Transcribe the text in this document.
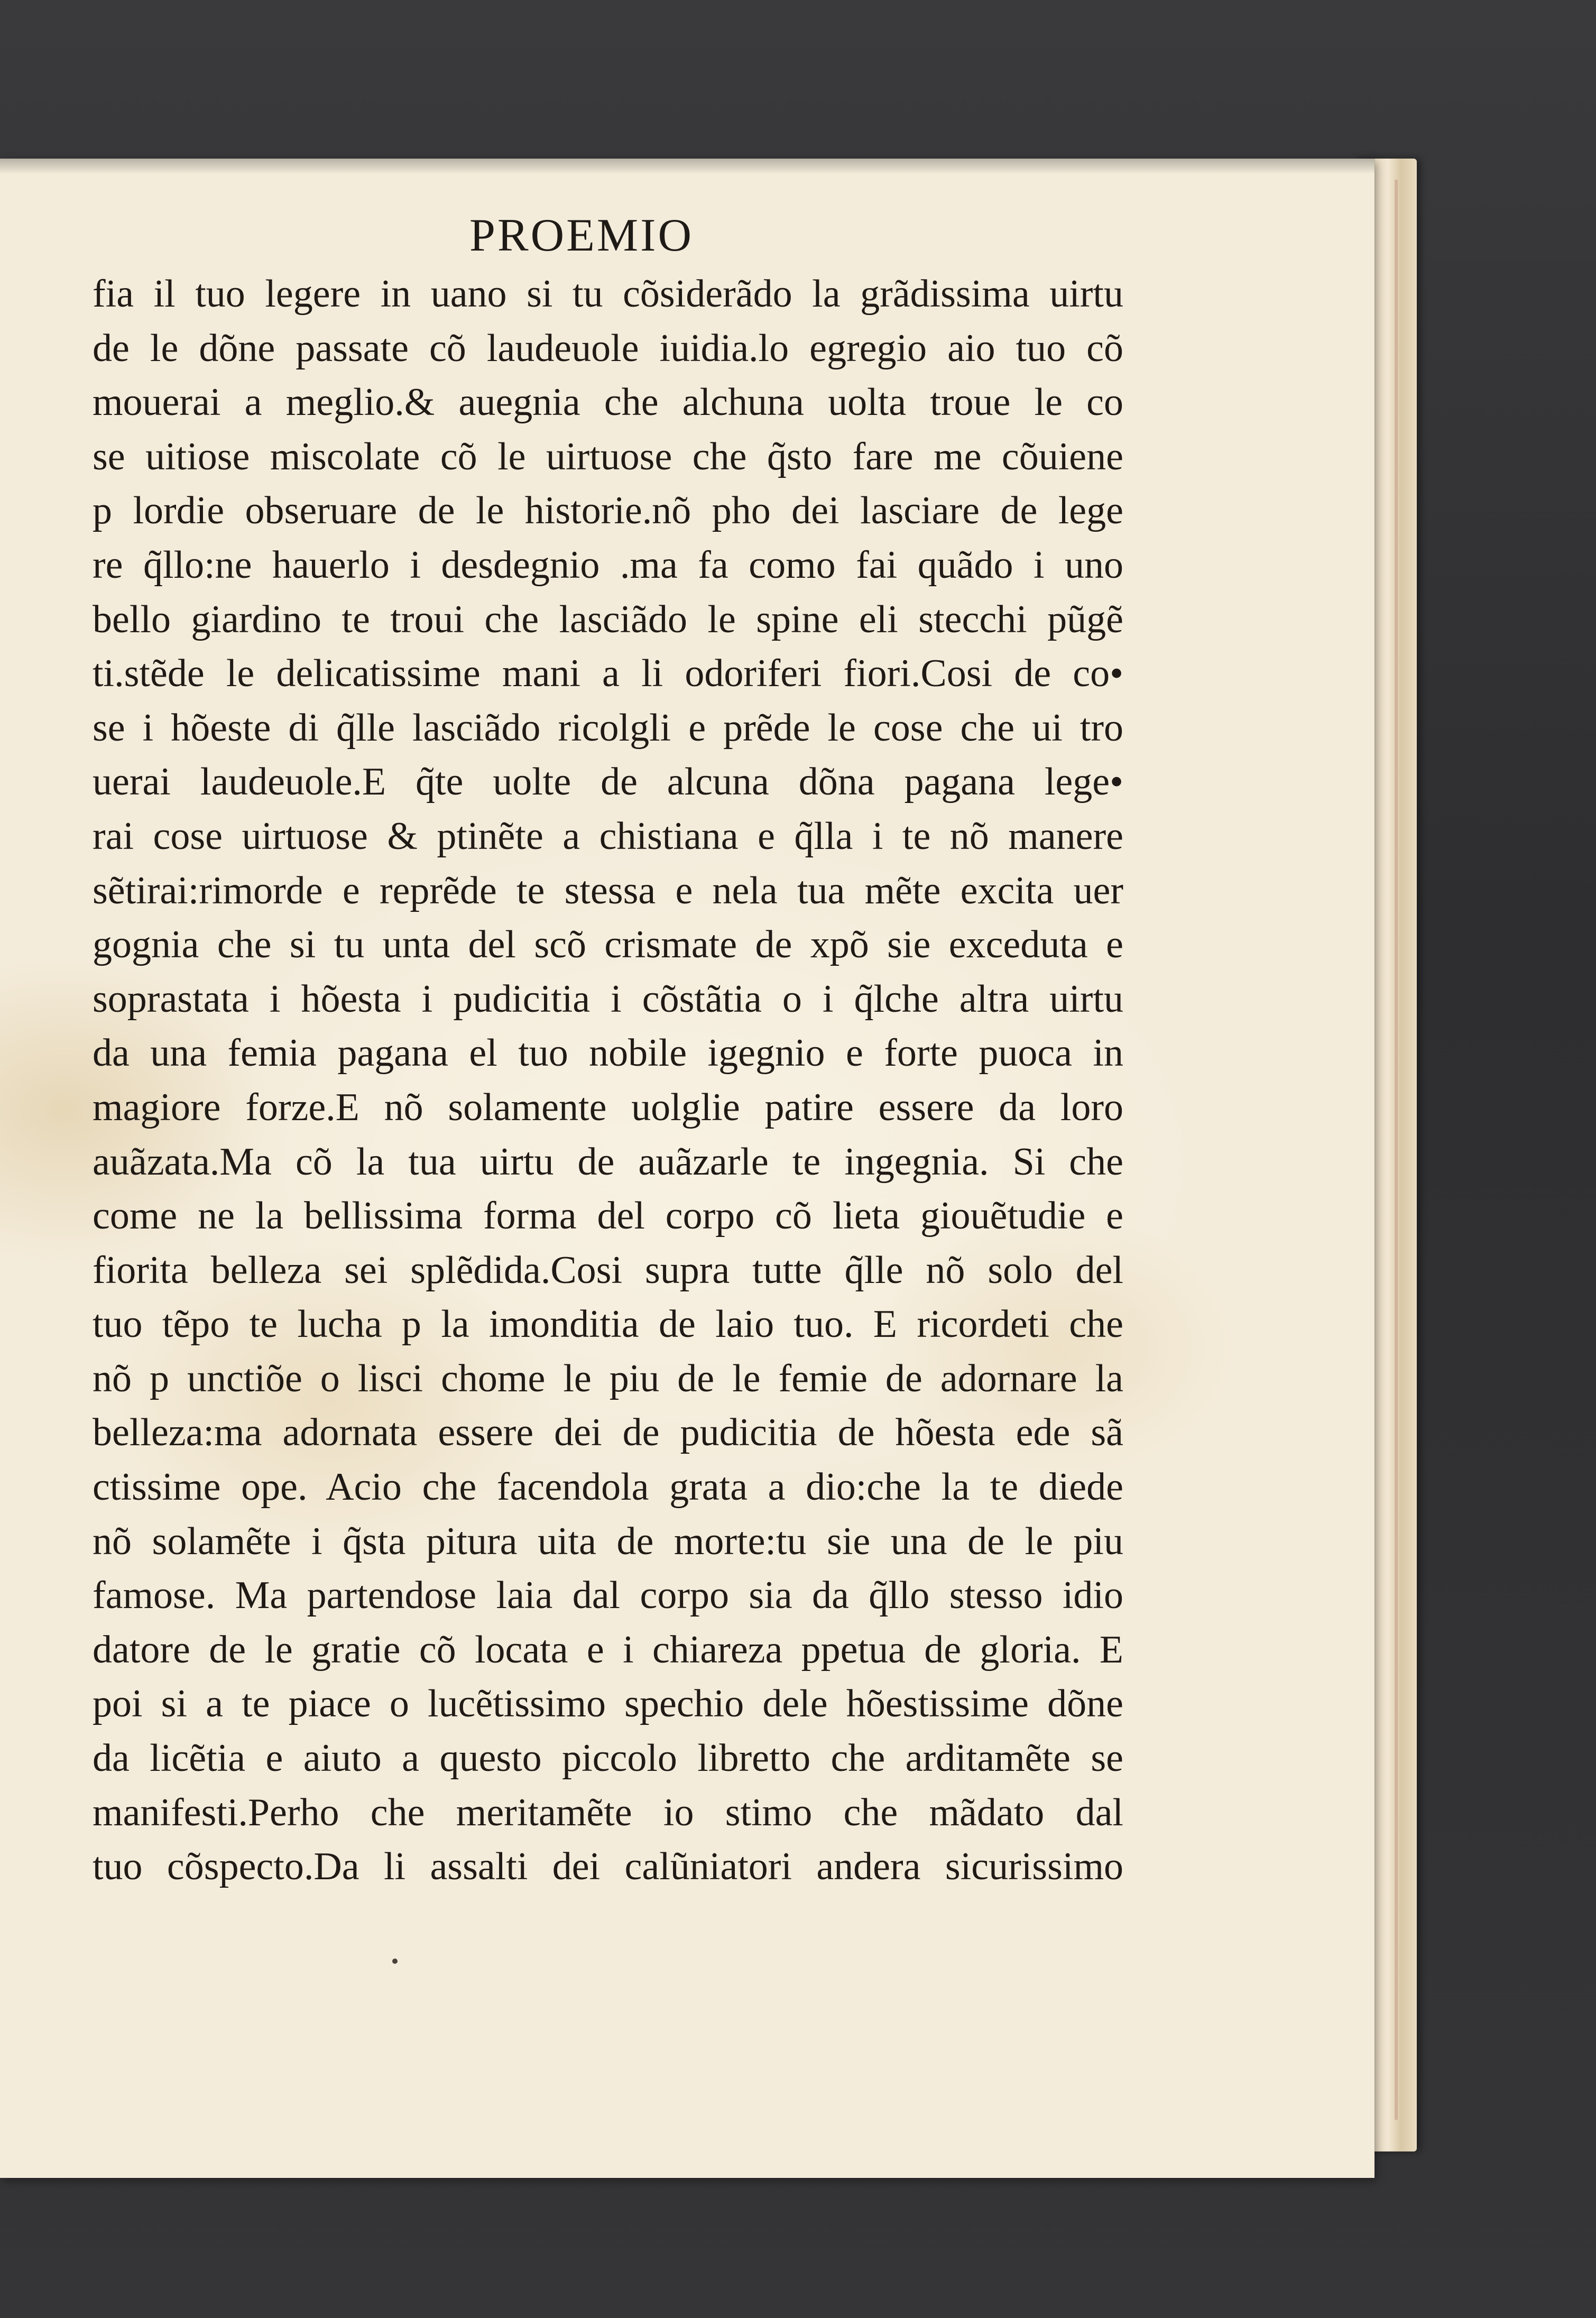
PROEMIO
fia il tuo legere in uano si tu cõsiderãdo la grãdissima uirtu
de le dõne passate cõ laudeuole iuidia.lo egregio aio tuo cõ
mouerai a meglio.& auegnia che alchuna uolta troue le co
se uitiose miscolate cõ le uirtuose che q̃sto fare me cõuiene
p lordie obseruare de le historie.nõ pho dei lasciare de lege
re q̃llo:ne hauerlo i desdegnio .ma fa como fai quãdo i uno
bello giardino te troui che lasciãdo le spine eli stecchi pũgẽ
ti.stẽde le delicatissime mani a li odoriferi fiori.Cosi de co•
se i hõeste di q̃lle lasciãdo ricolgli e prẽde le cose che ui tro
uerai laudeuole.E q̃te uolte de alcuna dõna pagana lege•
rai cose uirtuose & ptinẽte a chistiana e q̃lla i te nõ manere
sẽtirai:rimorde e reprẽde te stessa e nela tua mẽte excita uer
gognia che si tu unta del scõ crismate de xpõ sie exceduta e
soprastata i hõesta i pudicitia i cõstãtia o i q̃lche altra uirtu
da una femia pagana el tuo nobile igegnio e forte puoca in
magiore forze.E nõ solamente uolglie patire essere da loro
auãzata.Ma cõ la tua uirtu de auãzarle te ingegnia. Si che
come ne la bellissima forma del corpo cõ lieta giouẽtudie e
fiorita belleza sei splẽdida.Cosi supra tutte q̃lle nõ solo del
tuo tẽpo te lucha p la imonditia de laio tuo. E ricordeti che
nõ p unctiõe o lisci chome le piu de le femie de adornare la
belleza:ma adornata essere dei de pudicitia de hõesta ede sã
ctissime ope. Acio che facendola grata a dio:che la te diede
nõ solamẽte i q̃sta pitura uita de morte:tu sie una de le piu
famose. Ma partendose laia dal corpo sia da q̃llo stesso idio
datore de le gratie cõ locata e i chiareza ppetua de gloria. E
poi si a te piace o lucẽtissimo spechio dele hõestissime dõne
da licẽtia e aiuto a questo piccolo libretto che arditamẽte se
manifesti.Perho che meritamẽte io stimo che mãdato dal
tuo cõspecto.Da li assalti dei calũniatori andera sicurissimo
